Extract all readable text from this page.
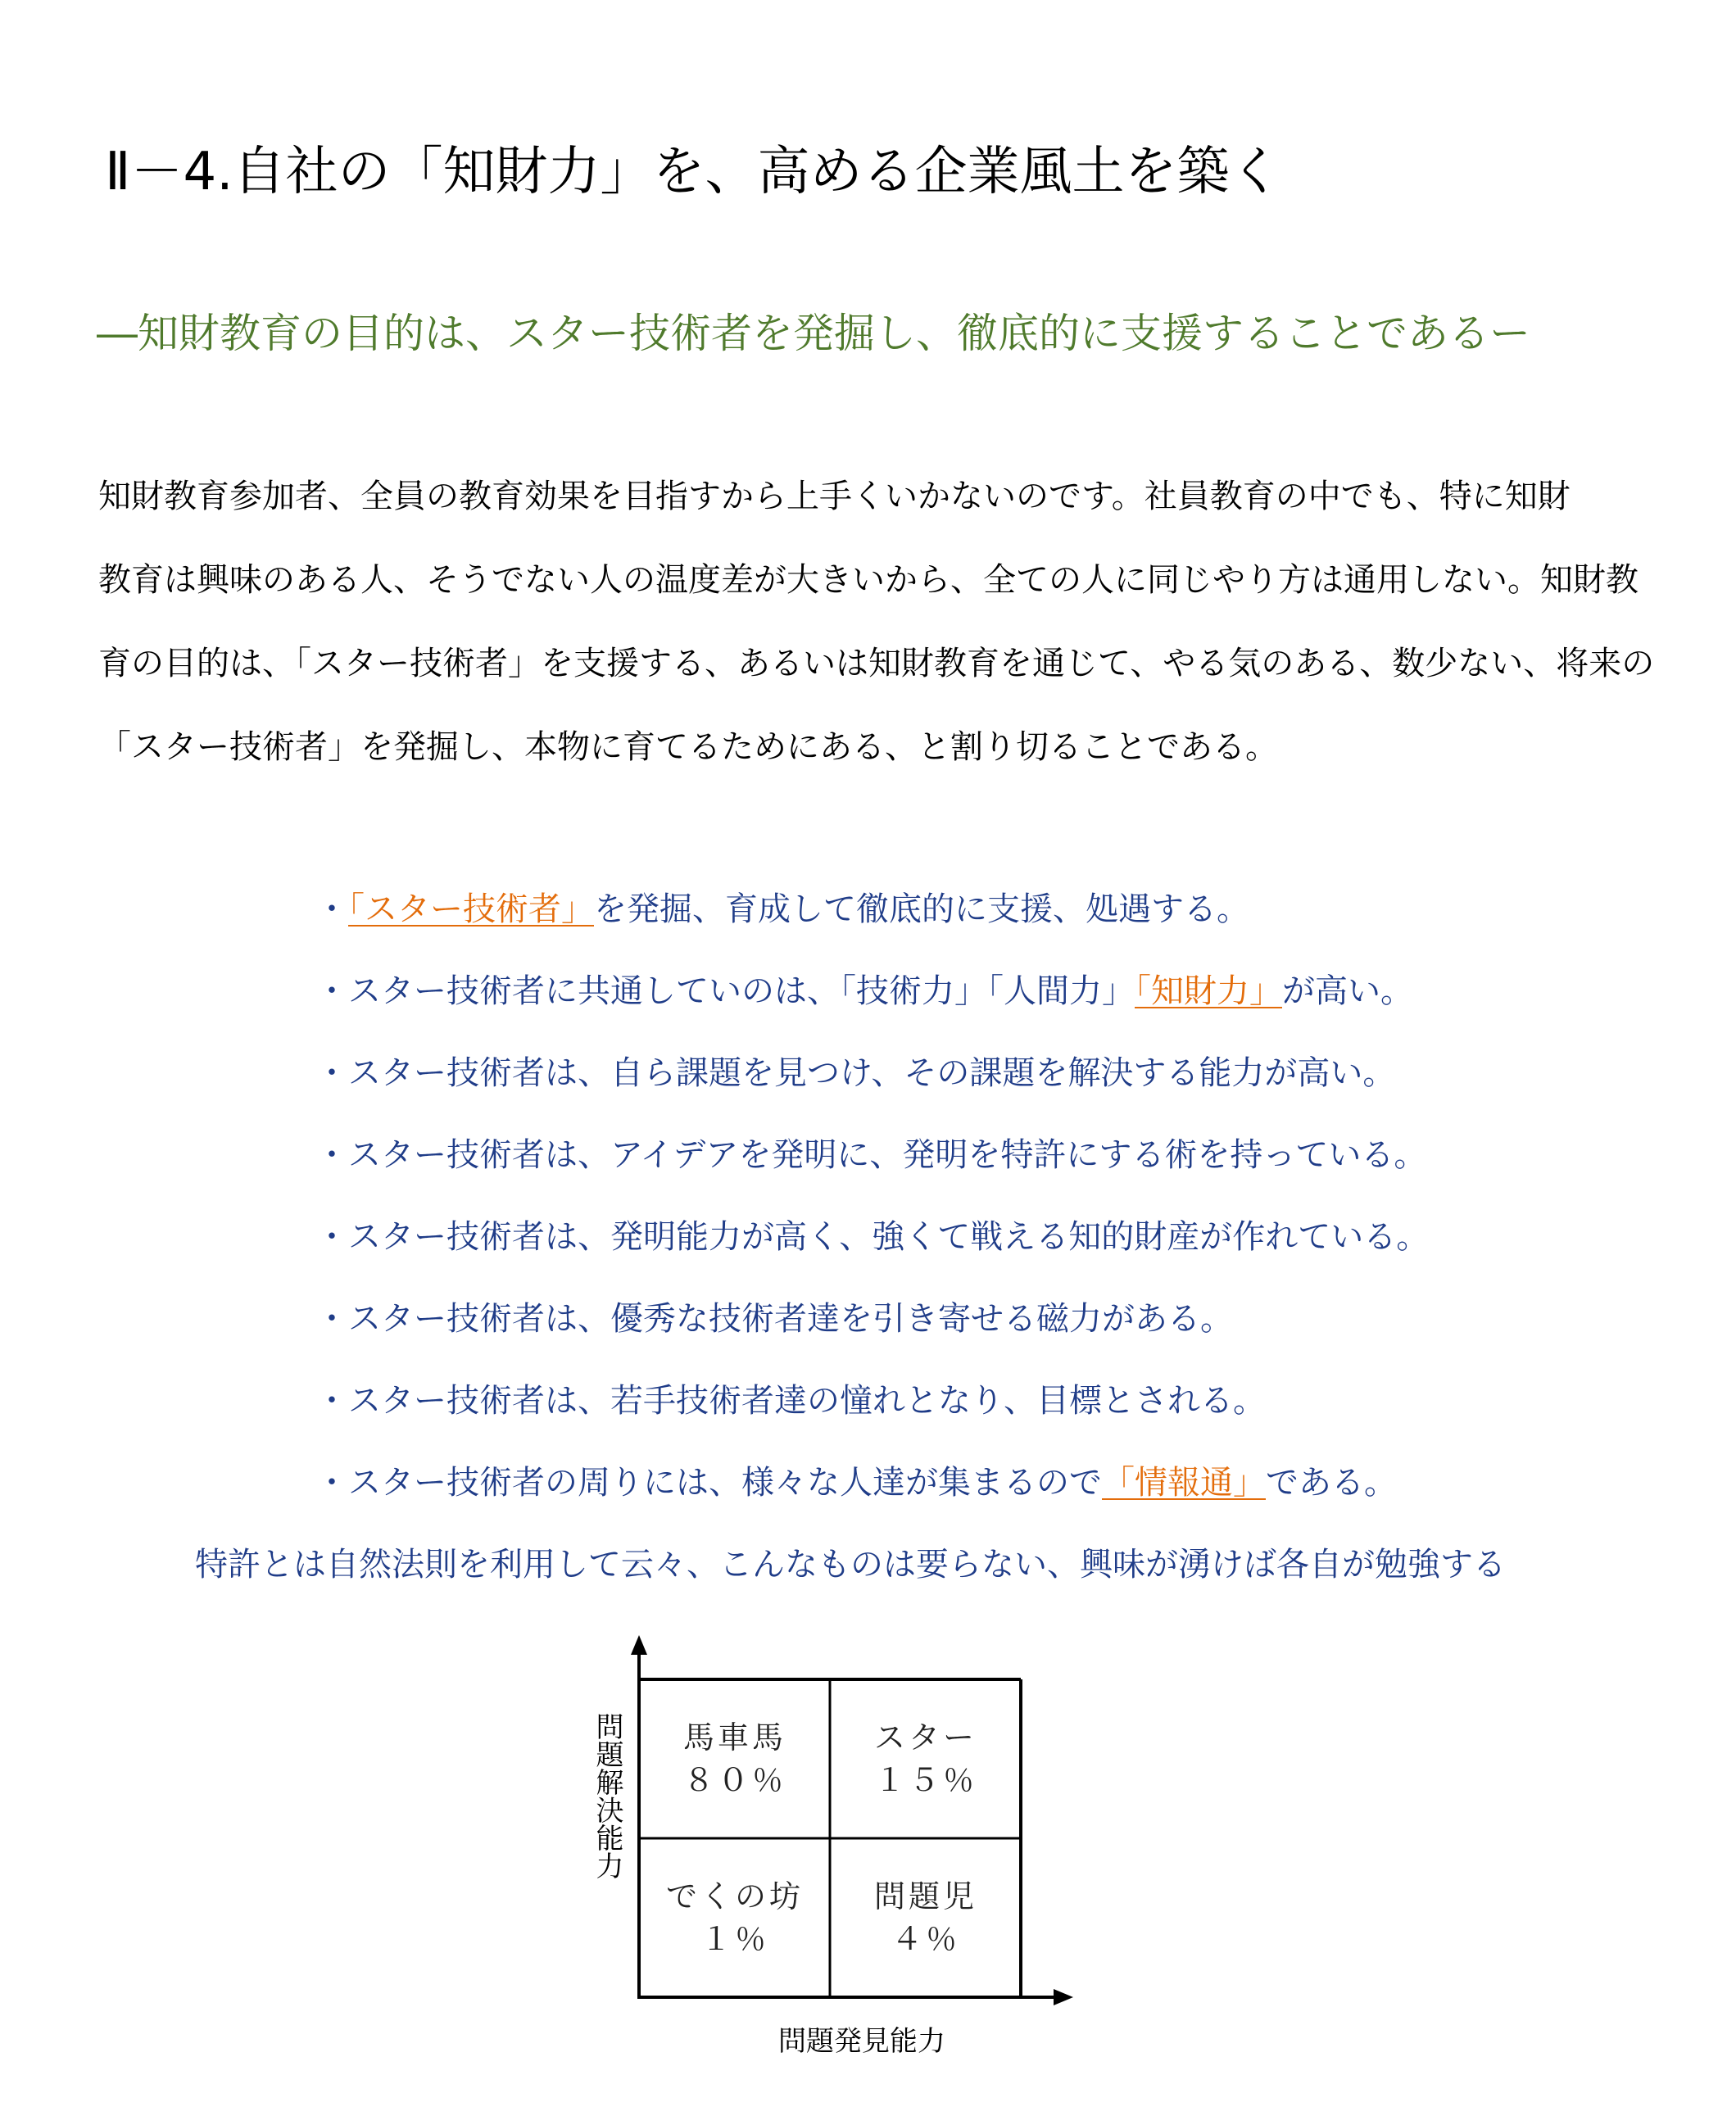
Ⅱ－4.自社の「知財力」を、高める企業風土を築く
―知財教育の目的は、スター技術者を発掘し、徹底的に支援することであるー
知財教育参加者、全員の教育効果を目指すから上手くいかないのです。社員教育の中でも、特に知財
教育は興味のある人、そうでない人の温度差が大きいから、全ての人に同じやり方は通用しない。知財教
育の目的は、「スター技術者」を支援する、あるいは知財教育を通じて、やる気のある、数少ない、将来の
「スター技術者」を発掘し、本物に育てるためにある、と割り切ることである。
・「スター技術者」を発掘、育成して徹底的に支援、処遇する。
・スター技術者に共通していのは、「技術力」「人間力」「知財力」が高い。
・スター技術者は、自ら課題を見つけ、その課題を解決する能力が高い。
・スター技術者は、アイデアを発明に、発明を特許にする術を持っている。
・スター技術者は、発明能力が高く、強くて戦える知的財産が作れている。
・スター技術者は、優秀な技術者達を引き寄せる磁力がある。
・スター技術者は、若手技術者達の憧れとなり、目標とされる。
・スター技術者の周りには、様々な人達が集まるので「情報通」である。
特許とは自然法則を利用して云々、こんなものは要らない、興味が湧けば各自が勉強する
問題解決能力 馬車馬
８０％
スター
１５％
でくの坊
１％
問題児
４％
問題発見能力
